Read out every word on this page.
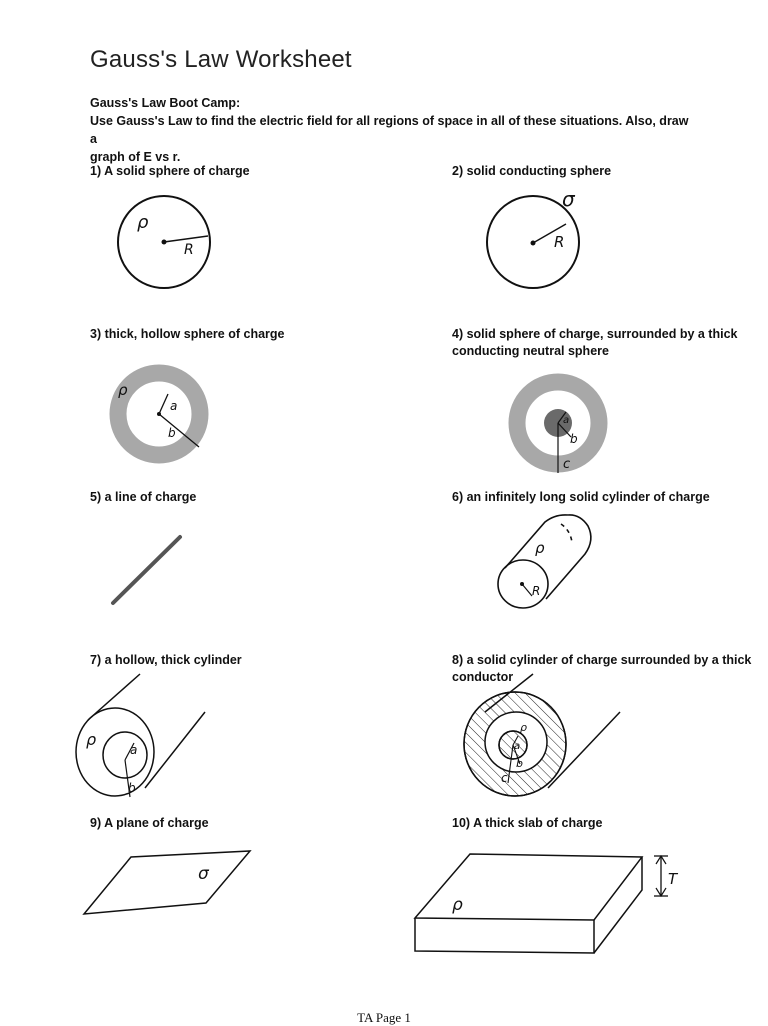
Gauss's Law Worksheet
Gauss's Law Boot Camp:
Use Gauss's Law to find the electric field for all regions of space in all of these situations. Also, draw a
graph of E vs r.
1) A solid sphere of charge	2) solid conducting sphere
3) thick, hollow sphere of charge	4) solid sphere of charge, surrounded by a thick
conducting neutral sphere
5) a line of charge	6) an infinitely long solid cylinder of charge
7) a hollow, thick cylinder	8) a solid cylinder of charge surrounded by a thick
conductor
9) A plane of charge	10) A thick slab of charge
ρ
R
σ
R
ρ
a
b
a
b
c
ρ
R
ρ
a
b
ρ
a
b
c
σ
ρ
T
TA Page 1
